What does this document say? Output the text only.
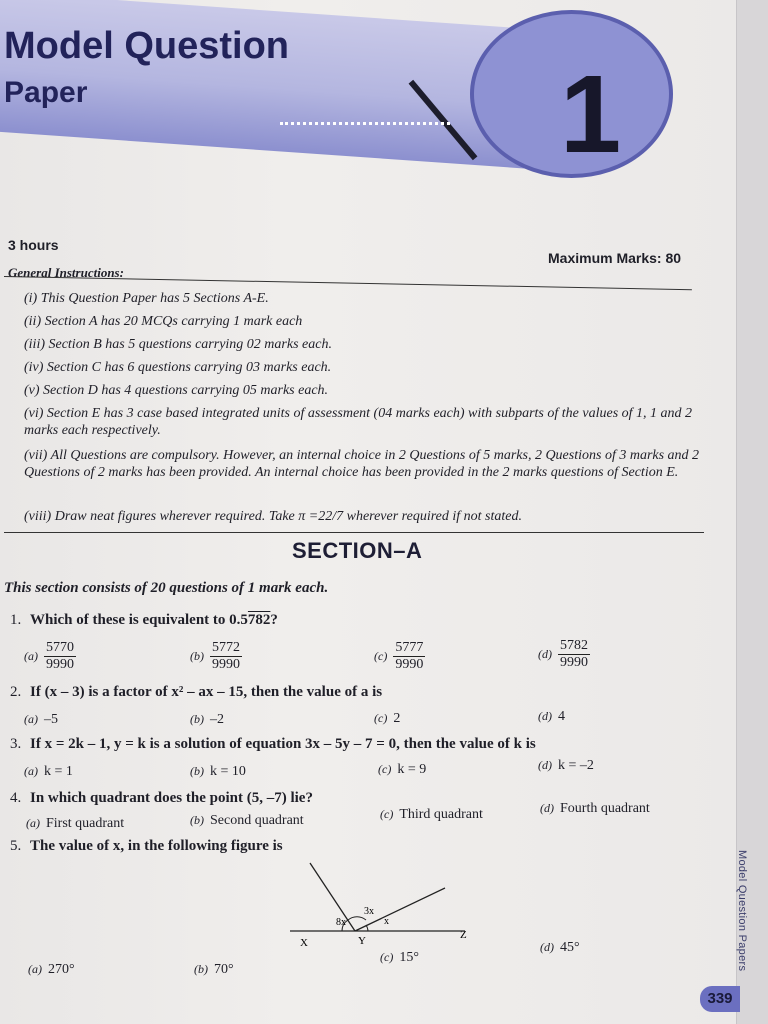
Model Question Papers
339
1
Model Question
Paper
3 hours
Maximum Marks: 80
General Instructions:
(i) This Question Paper has 5 Sections A-E.
(ii) Section A has 20 MCQs carrying 1 mark each
(iii) Section B has 5 questions carrying 02 marks each.
(iv) Section C has 6 questions carrying 03 marks each.
(v) Section D has 4 questions carrying 05 marks each.
(vi) Section E has 3 case based integrated units of assessment (04 marks each) with subparts of the values of 1, 1 and 2 marks each respectively.
(vii) All Questions are compulsory. However, an internal choice in 2 Questions of 5 marks, 2 Questions of 3 marks and 2 Questions of 2 marks has been provided. An internal choice has been provided in the 2 marks questions of Section E.
(viii) Draw neat figures wherever required. Take π =22/7 wherever required if not stated.
SECTION–A
This section consists of 20 questions of 1 mark each.
1. Which of these is equivalent to 0.5782?
$(a) \frac{5770}{9990}$	$(b) \frac{5772}{9990}$	$(c) \frac{5777}{9990}$	$(d) \frac{5782}{9990}$
2. If (x – 3) is a factor of x² – ax – 15, then the value of a is
(a) –5	(b) –2	(c) 2	(d) 4
3. If x = 2k – 1, y = k is a solution of equation 3x – 5y – 7 = 0, then the value of k is
(a) k = 1	(b) k = 10	(c) k = 9	(d) k = –2
4. In which quadrant does the point (5, –7) lie?
(a) First quadrant	(b) Second quadrant	(c) Third quadrant	(d) Fourth quadrant
5. The value of x, in the following figure is
X	Y	Z
8x
3x
x
(a) 270°	(b) 70°
(c) 15°
(d) 45°
